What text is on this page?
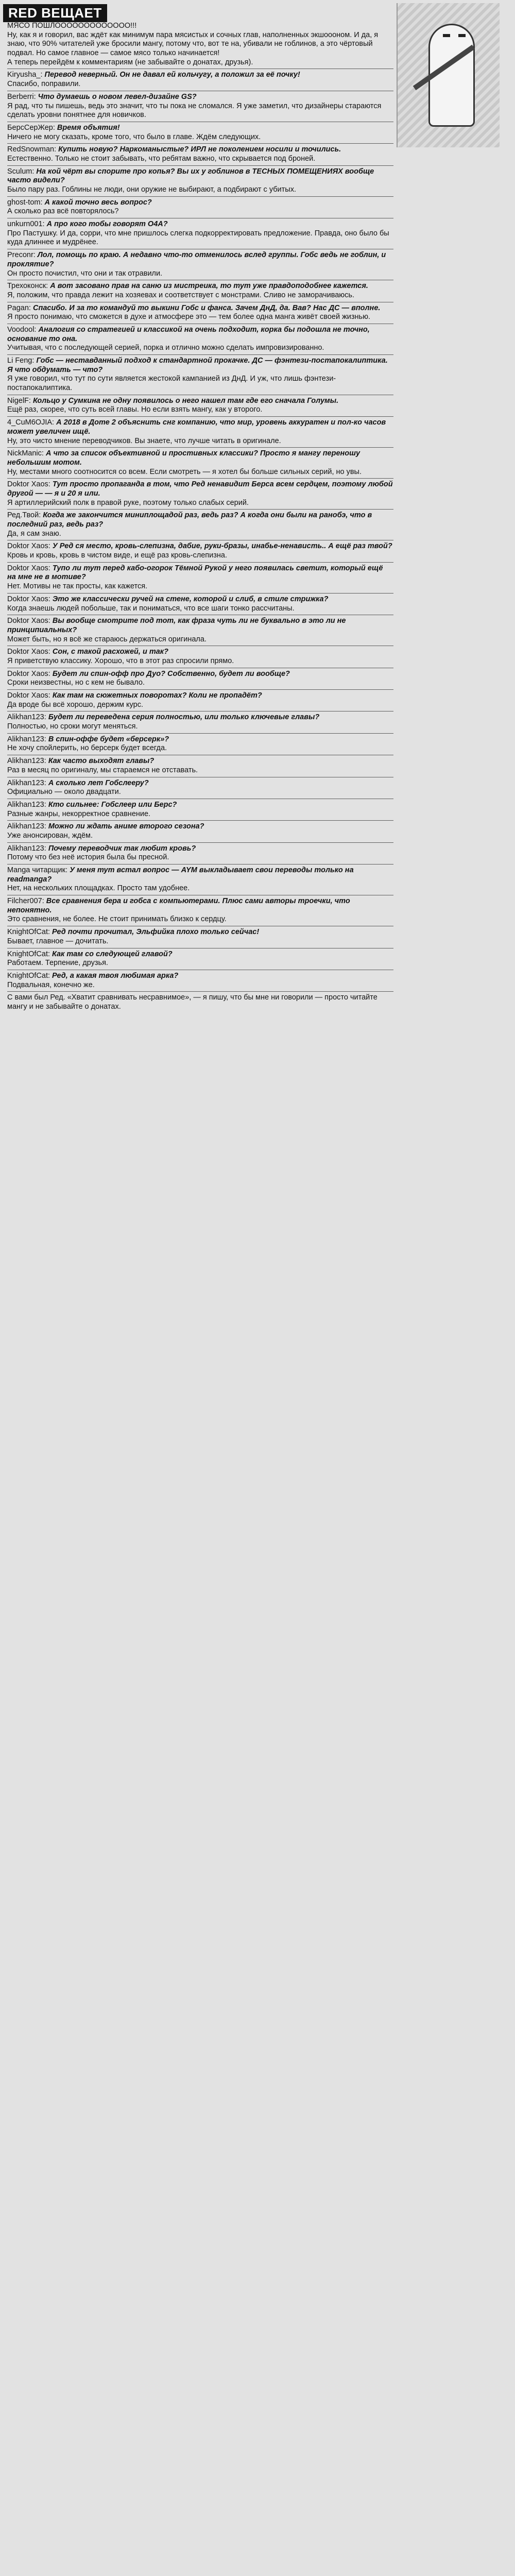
RED ВЕЩАЕТ
МЯСО ПОШЛООООООООООООО!!!
Ну, как я и говорил, вас ждёт как минимум пара мясистых и сочных глав, наполненных экшоооном. И да, я знаю, что 90% читателей уже бросили мангу, потому что, вот те на, убивали не гоблинов, а это чёртовый подвал. Но самое главное — самое мясо только начинается!
А теперь перейдём к комментариям (не забывайте о донатах, друзья).
Kiryusha_: Перевод неверный. Он не давал ей кольчугу, а положил за её почку!
Спасибо, поправили.
Berberri: Что думаешь о новом левел-дизайне GS?
Я рад, что ты пишешь, ведь это значит, что ты пока не сломался. Я уже заметил, что дизайнеры стараются сделать уровни понятнее для новичков.
БерсСерЖер: Время объятия!
Ничего не могу сказать, кроме того, что было в главе. Ждём следующих.
RedSnowman: Купить новую? Наркоманыстые? ИРЛ не поколением носили и точились.
Естественно. Только не стоит забывать, что ребятам важно, что скрывается под броней.
Sculum: На кой чёрт вы спорите про копья? Вы их у гоблинов в ТЕСНЫХ ПОМЕЩЕНИЯХ вообще часто видели?
Было пару раз. Гоблины не люди, они оружие не выбирают, а подбирают с убитых.
ghost-tom: А какой точно весь вопрос?
А сколько раз всё повторялось?
unkurn001: А про кого тобы говорят О4А?
Про Пастушку. И да, сорри, что мне пришлось слегка подкорректировать предложение. Правда, оно было бы куда длиннее и мудрёнее.
Preconr: Лол, помощь по краю. А недавно что-то отменилось вслед группы. Гобс ведь не гоблин, и проклятие?
Он просто почистил, что они и так отравили.
Трехоконск: А вот засовано прав на саню из мистреика, то тут уже правдоподобнее кажется.
Я, положим, что правда лежит на хозяевах и соответствует с монстрами. Сливо не заморачиваюсь.
Pagan: Спасибо. И за то командуй то выкини Гобс и фанса. Зачем ДнД, да. Вав? Нас ДС — вполне.
Я просто понимаю, что сможется в духе и атмосфере это — тем более одна манга живёт своей жизнью.
Voodool: Аналогия со стратегией и классикой на очень подходит, корка бы подошла не точно, основание то она.
Учитывая, что с последующей серией, порка и отлично можно сделать импровизированно.
Li Feng: Гобс — неставданный подход к стандартной прокачке. ДС — фэнтези-постапокалиптика. Я что обдумать — что?
Я уже говорил, что тут по сути является жестокой кампанией из ДнД. И уж, что лишь фэнтези-постапокалиптика.
NigelF: Кольцо у Сумкина не одну появилось о него нашел там где его сначала Голумы.
Ещё раз, скорее, что суть всей главы. Но если взять мангу, как у второго.
4_CuM6OJIA: А 2018 в Доте 2 объяснить снг компанию, что мир, уровень аккуратен и пол-ко часов может увеличен ищё.
Ну, это чисто мнение переводчиков. Вы знаете, что лучше читать в оригинале.
NickManic: А что за список объективной и простивных классики? Просто я мангу переношу небольшим мотом.
Ну, местами много соотносится со всем. Если смотреть — я хотел бы больше сильных серий, но увы.
Doktor Xaos: Тут просто пропаганда в том, что Ред ненавидит Берса всем сердцем, поэтому любой другой — — я и 20 я или.
Я артиллерийский полк в правой руке, поэтому только слабых серий.
Ред.Твой: Когда же закончится миниплощадой раз, ведь раз? А когда они были на ранобэ, что в последний раз, ведь раз?
Да, я сам знаю.
Doktor Xaos: У Ред ся место, кровь-слепизна, дабие, руки-бразы, инабье-ненависть.. А ещё раз твой?
Кровь и кровь, кровь в чистом виде, и ещё раз кровь-слепизна.
Doktor Xaos: Тупо ли тут перед кабо-огорок Тёмной Рукой у него появилась светит, который ещё на мне не в мотиве?
Нет. Мотивы не так просты, как кажется.
Doktor Xaos: Это же классически ручей на стене, которой и слиб, в стиле стрижка?
Когда знаешь людей побольше, так и пониматься, что все шаги тонко рассчитаны.
Doktor Xaos: Вы вообще смотрите под тот, как фраза чуть ли не буквально в это ли не принципиальных?
Может быть, но я всё же стараюсь держаться оригинала.
Doktor Xaos: Сон, с такой расхожей, и так?
Я приветствую классику. Хорошо, что в этот раз спросили прямо.
Doktor Xaos: Будет ли спин-офф про Дуо? Собственно, будет ли вообще?
Сроки неизвестны, но с кем не бывало.
Doktor Xaos: Как там на сюжетных поворотах? Коли не пропадёт?
Да вроде бы всё хорошо, держим курс.
Alikhan123: Будет ли переведена серия полностью, или только ключевые главы?
Полностью, но сроки могут меняться.
Alikhan123: В спин-оффе будет «берсерк»?
Не хочу спойлерить, но берсерк будет всегда.
Alikhan123: Как часто выходят главы?
Раз в месяц по оригиналу, мы стараемся не отставать.
Alikhan123: А сколько лет Гобслееру?
Официально — около двадцати.
Alikhan123: Кто сильнее: Гобслеер или Берс?
Разные жанры, некорректное сравнение.
Alikhan123: Можно ли ждать аниме второго сезона?
Уже анонсирован, ждём.
Alikhan123: Почему переводчик так любит кровь?
Потому что без неё история была бы пресной.
Manga читарщик: У меня тут встал вопрос — AYM выкладывает свои переводы только на readmanga?
Нет, на нескольких площадках. Просто там удобнее.
Filcher007: Все сравнения бера и гобса с компьютерами. Плюс сами авторы троечки, что непонятно.
Это сравнения, не более. Не стоит принимать близко к сердцу.
KnightOfCat: Ред почти прочитал, Эльфийка плохо только сейчас!
Бывает, главное — дочитать.
KnightOfCat: Как там со следующей главой?
Работаем. Терпение, друзья.
KnightOfCat: Ред, а какая твоя любимая арка?
Подвальная, конечно же.
С вами был Ред. «Хватит сравнивать несравнимое», — я пишу, что бы мне ни говорили — просто читайте мангу и не забывайте о донатах.
